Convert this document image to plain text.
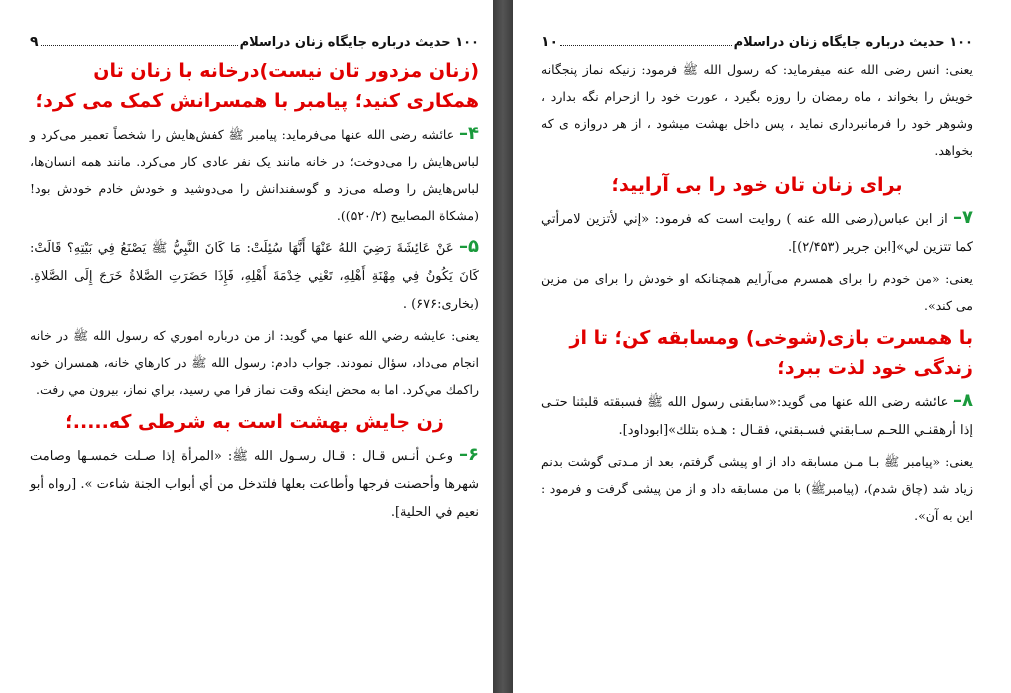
١٠٠ حديث درباره جايگاه زنان دراسلام
٩

(زنان مزدور تان نیست)درخانه با زنان تان همکاری کنید؛ پیامبر با همسرانش کمک می کرد؛

۴– عائشه رضی الله عنها می‌فرماید: پیامبر ﷺ کفش‌هایش را شخصاً تعمیر می‌کرد و لباس‌هایش را می‌دوخت؛ در خانه مانند یک نفر عادی کار می‌کرد. مانند همه انسان‌ها، لباس‌هایش را وصله می‌زد و گوسفندانش را می‌دوشید و خودش خادم خودش بود! (مشکاة المصابیح (۵۲۰/۲)).

۵– عَنْ عَائِشَةَ رَضِيَ اللهُ عَنْهَا أَنَّهَا سُئِلَتْ: مَا كَانَ النَّبِيُّ ﷺ يَصْنَعُ فِي بَيْتِهِ؟ قَالَتْ: كَانَ يَكُونُ فِي مِهْنَةِ أَهْلِهِ، تَعْنِي خِدْمَةَ أَهْلِهِ، فَإِذَا حَضَرَتِ الصَّلاةُ خَرَجَ إِلَى الصَّلاةِ. (بخارى:۶۷۶) .

يعنى: عايشه رضي الله عنها مي گويد: از من درباره اموري كه رسول الله ﷺ در خانه انجام مى‌داد، سؤال نمودند. جواب دادم: رسول الله ﷺ در كارهاي خانه، همسران خود راكمك مي‌كرد. اما به محض اينكه وقت نماز فرا مي رسيد، براي نماز، بيرون مي رفت.

زن جایش بهشت است به شرطی که.....؛

۶– وعـن أنـس قـال : قـال رسـول الله ﷺ: «المرأة إذا صـلت خمسـها وصامت شهرها وأحصنت فرجها وأطاعت بعلها فلتدخل من أي أبواب الجنة شاءت ». [رواه أبو نعيم في الحلية].

١٠٠ حديث درباره جايگاه زنان دراسلام
١٠

یعنی: انس رضی الله عنه میفرماید: كه رسول الله ﷺ فرمود: زنیكه نماز پنجگانه خویش را بخواند ، ماه رمضان را روزه بگیرد ، عورت خود را ازحرام نگه بدارد ، وشوهر خود را فرمانبرداری نماید ، پس داخل بهشت میشود ، از هر دروازه ی كه بخواهد.

برای زنان تان خود را بی آرایید؛

۷– از ابن عباس(رضی الله عنه ) روایت است كه فرمود: «إني لأتزين لامرأتي كما تتزين لي»[ابن جرير (۲/۴۵۳)].

یعنی: «من خودم را برای همسرم می‌آرایم همچنانکه او خودش را برای من مزین می کند».

با همسرت بازی(شوخی) ومسابقه کن؛ تا از زندگی خود لذت ببرد؛

۸– عائشه رضی الله عنها می گوید:«سابقنی رسول الله ﷺ فسبقته قلبثنا حتـى إذا أرهقنـي اللحـم سـابقني فسـبقني، فقـال : هـذه بتلك»[ابوداود].

یعنی: «پیامبر ﷺ بـا مـن مسابقه داد از او پیشی گرفتم، بعد از مـدتی گوشت بدنم زیاد شد (چاق شدم)، (پیامبرﷺ) با من مسابقه داد و از من پیشی گرفت و فرمود : این به آن».
